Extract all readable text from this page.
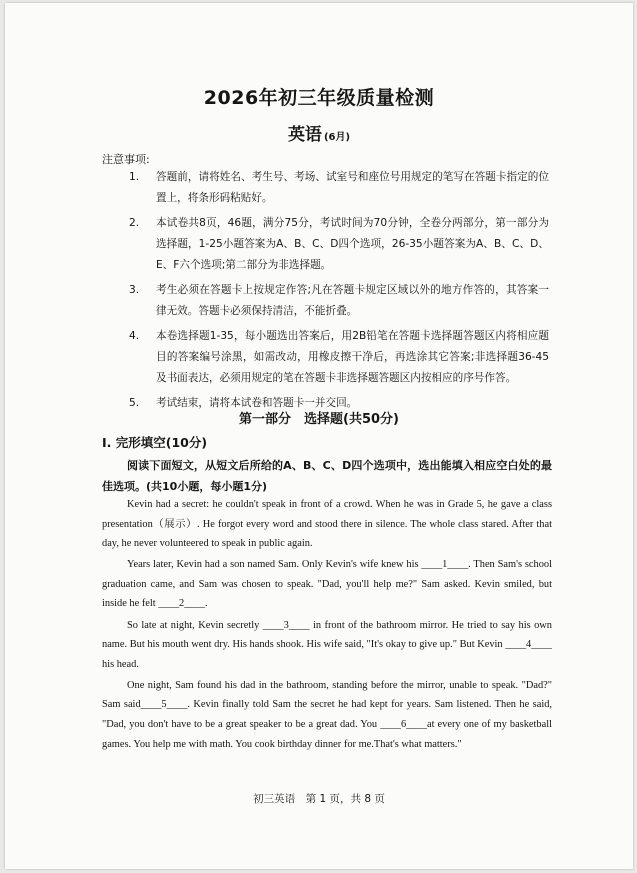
2026年初三年级质量检测
英语 (6月)
注意事项:
1.	答题前，请将姓名、考生号、考场、试室号和座位号用规定的笔写在答题卡指定的位置上，将条形码粘贴好。
2.	本试卷共8页，46题，满分75分，考试时间为70分钟，全卷分两部分，第一部分为选择题，1-25小题答案为A、B、C、D四个选项，26-35小题答案为A、B、C、D、E、F六个选项;第二部分为非选择题。
3.	考生必须在答题卡上按规定作答;凡在答题卡规定区域以外的地方作答的，其答案一律无效。答题卡必须保持清洁，不能折叠。
4.	本卷选择题1-35，每小题选出答案后，用2B铅笔在答题卡选择题答题区内将相应题目的答案编号涂黑，如需改动，用橡皮擦干净后，再选涂其它答案;非选择题36-45及书面表达，必须用规定的笔在答题卡非选择题答题区内按相应的序号作答。
5.	考试结束，请将本试卷和答题卡一并交回。
第一部分　选择题(共50分)
I. 完形填空(10分)
阅读下面短文，从短文后所给的A、B、C、D四个选项中，选出能填入相应空白处的最佳选项。(共10小题，每小题1分)

Kevin had a secret: he couldn't speak in front of a crowd. When he was in Grade 5, he gave a class presentation（展示）. He forgot every word and stood there in silence. The whole class stared. After that day, he never volunteered to speak in public again.

Years later, Kevin had a son named Sam. Only Kevin's wife knew his ____1____. Then Sam's school graduation came, and Sam was chosen to speak. "Dad, you'll help me?" Sam asked. Kevin smiled, but inside he felt ____2____.

So late at night, Kevin secretly ____3____ in front of the bathroom mirror. He tried to say his own name. But his mouth went dry. His hands shook. His wife said, "It's okay to give up." But Kevin ____4____ his head.

One night, Sam found his dad in the bathroom, standing before the mirror, unable to speak. "Dad?" Sam said____5____. Kevin finally told Sam the secret he had kept for years. Sam listened. Then he said, "Dad, you don't have to be a great speaker to be a great dad. You ____6____at every one of my basketball games. You help me with math. You cook birthday dinner for me.That's what matters."

初三英语　第 1 页，共 8 页
